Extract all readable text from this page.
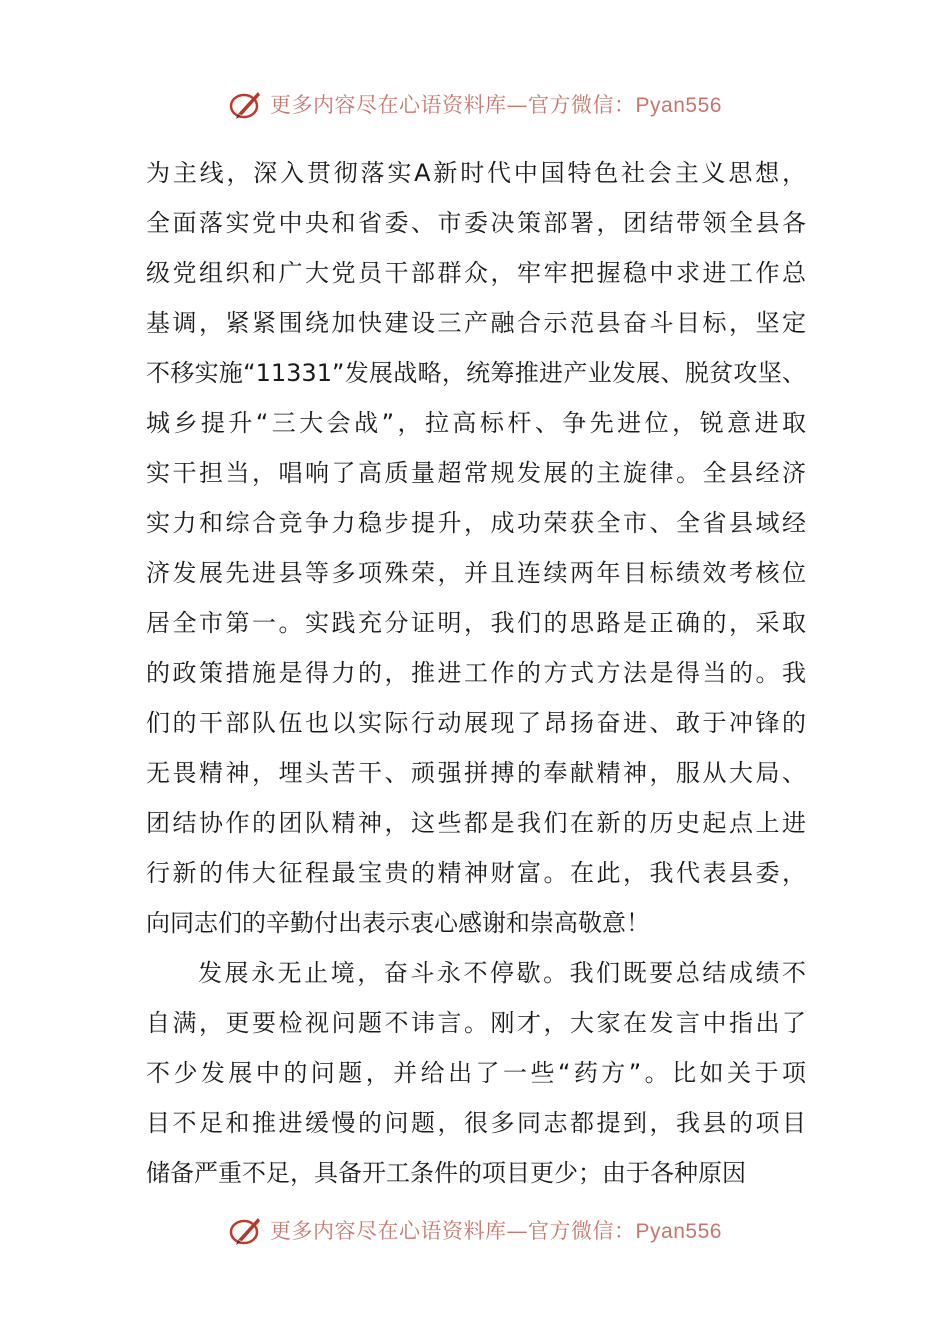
更多内容尽在心语资料库—官方微信：Pyan556
为主线，深入贯彻落实A新时代中国特色社会主义思想，
全面落实党中央和省委、市委决策部署，团结带领全县各
级党组织和广大党员干部群众，牢牢把握稳中求进工作总
基调，紧紧围绕加快建设三产融合示范县奋斗目标，坚定
不移实施“11331”发展战略，统筹推进产业发展、脱贫攻坚、
城乡提升“三大会战”，拉高标杆、争先进位，锐意进取
实干担当，唱响了高质量超常规发展的主旋律。全县经济
实力和综合竞争力稳步提升，成功荣获全市、全省县域经
济发展先进县等多项殊荣，并且连续两年目标绩效考核位
居全市第一。实践充分证明，我们的思路是正确的，采取
的政策措施是得力的，推进工作的方式方法是得当的。我
们的干部队伍也以实际行动展现了昂扬奋进、敢于冲锋的
无畏精神，埋头苦干、顽强拼搏的奉献精神，服从大局、
团结协作的团队精神，这些都是我们在新的历史起点上进
行新的伟大征程最宝贵的精神财富。在此，我代表县委，
向同志们的辛勤付出表示衷心感谢和崇高敬意！
发展永无止境，奋斗永不停歇。我们既要总结成绩不
自满，更要检视问题不讳言。刚才，大家在发言中指出了
不少发展中的问题，并给出了一些“药方”。比如关于项
目不足和推进缓慢的问题，很多同志都提到，我县的项目
储备严重不足，具备开工条件的项目更少；由于各种原因
更多内容尽在心语资料库—官方微信：Pyan556
